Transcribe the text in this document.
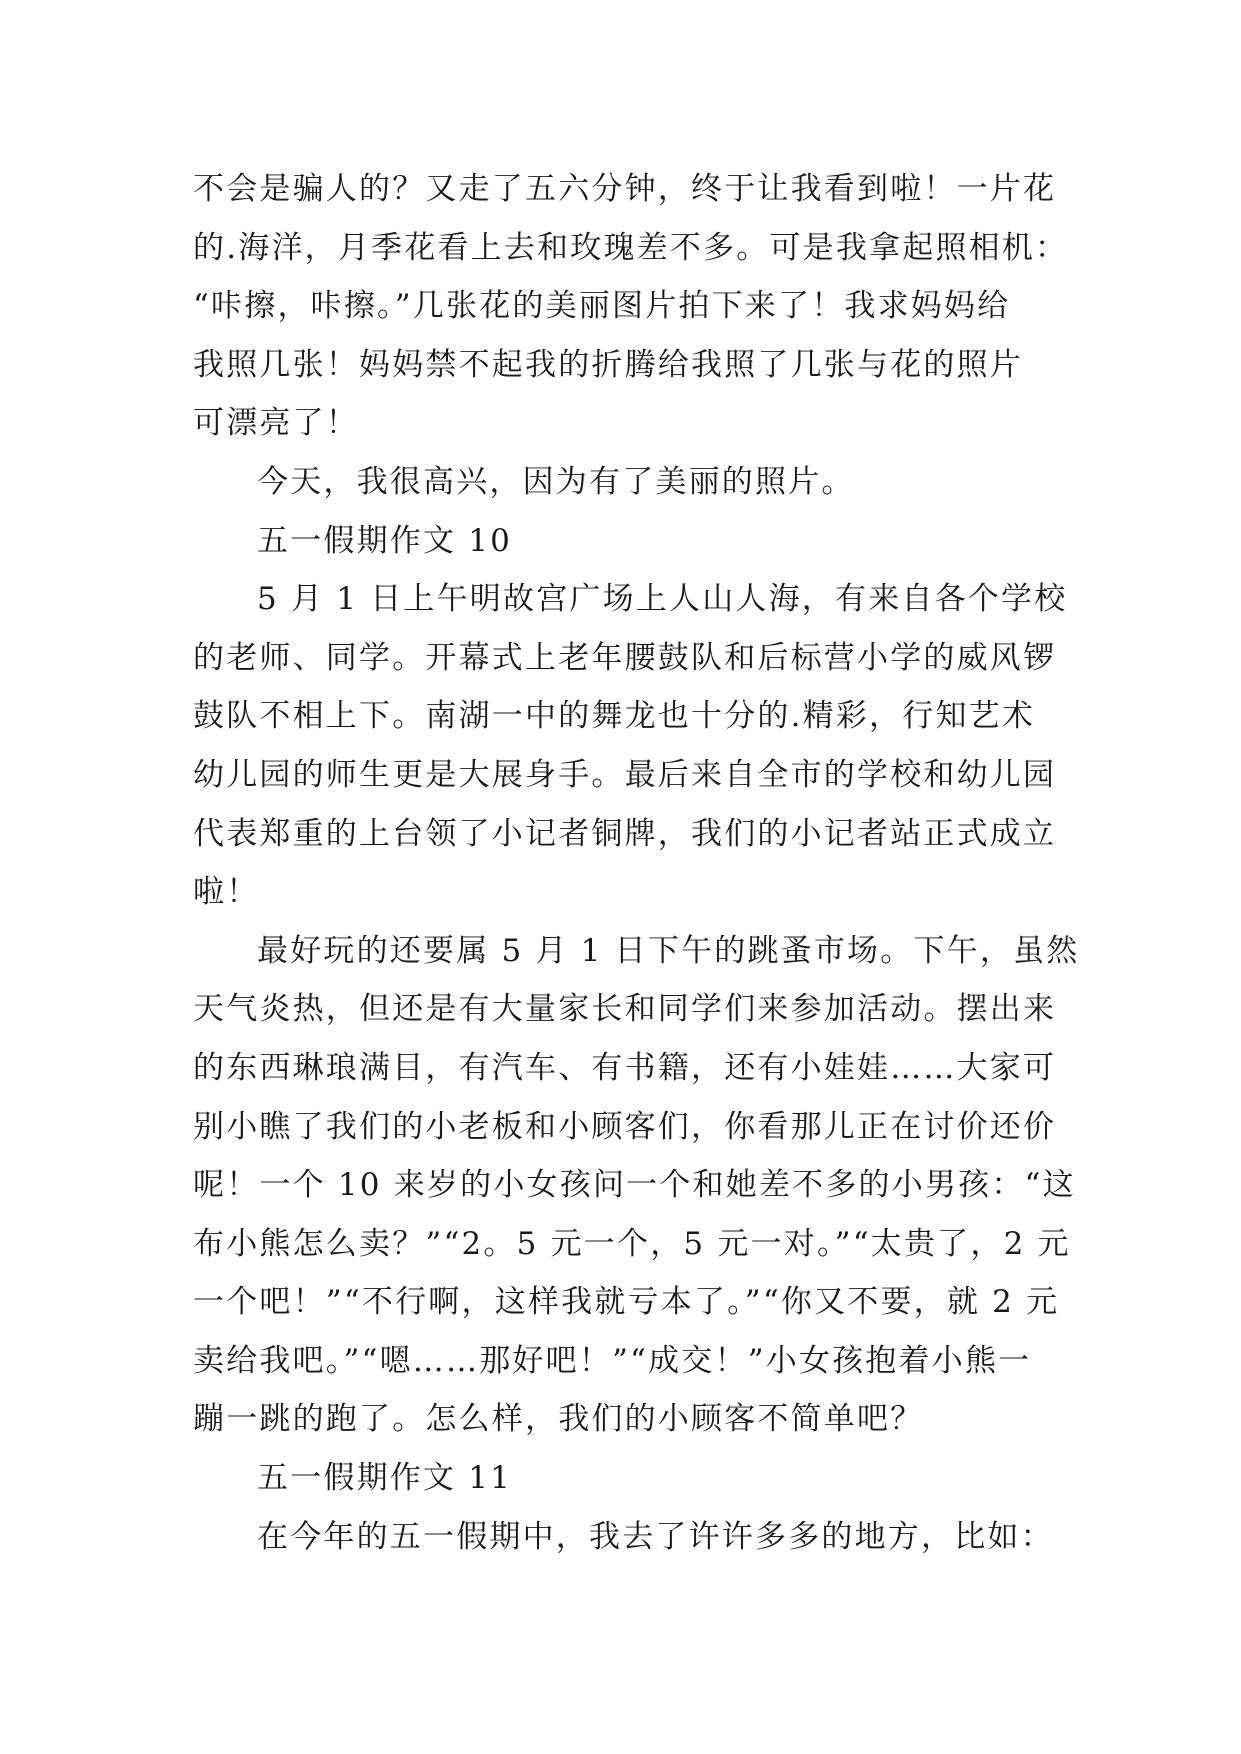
不会是骗人的？又走了五六分钟，终于让我看到啦！一片花
的.海洋，月季花看上去和玫瑰差不多。可是我拿起照相机：
“咔擦，咔擦。”几张花的美丽图片拍下来了！我求妈妈给
我照几张！妈妈禁不起我的折腾给我照了几张与花的照片
可漂亮了！
今天，我很高兴，因为有了美丽的照片。
五一假期作文 10
5 月 1 日上午明故宫广场上人山人海，有来自各个学校
的老师、同学。开幕式上老年腰鼓队和后标营小学的威风锣
鼓队不相上下。南湖一中的舞龙也十分的.精彩，行知艺术
幼儿园的师生更是大展身手。最后来自全市的学校和幼儿园
代表郑重的上台领了小记者铜牌，我们的小记者站正式成立
啦！
最好玩的还要属 5 月 1 日下午的跳蚤市场。下午，虽然
天气炎热，但还是有大量家长和同学们来参加活动。摆出来
的东西琳琅满目，有汽车、有书籍，还有小娃娃……大家可
别小瞧了我们的小老板和小顾客们，你看那儿正在讨价还价
呢！一个 10 来岁的小女孩问一个和她差不多的小男孩：“这
布小熊怎么卖？”“2。5 元一个，5 元一对。”“太贵了，2 元
一个吧！”“不行啊，这样我就亏本了。”“你又不要，就 2 元
卖给我吧。”“嗯……那好吧！”“成交！”小女孩抱着小熊一
蹦一跳的跑了。怎么样，我们的小顾客不简单吧？
五一假期作文 11
在今年的五一假期中，我去了许许多多的地方，比如：
